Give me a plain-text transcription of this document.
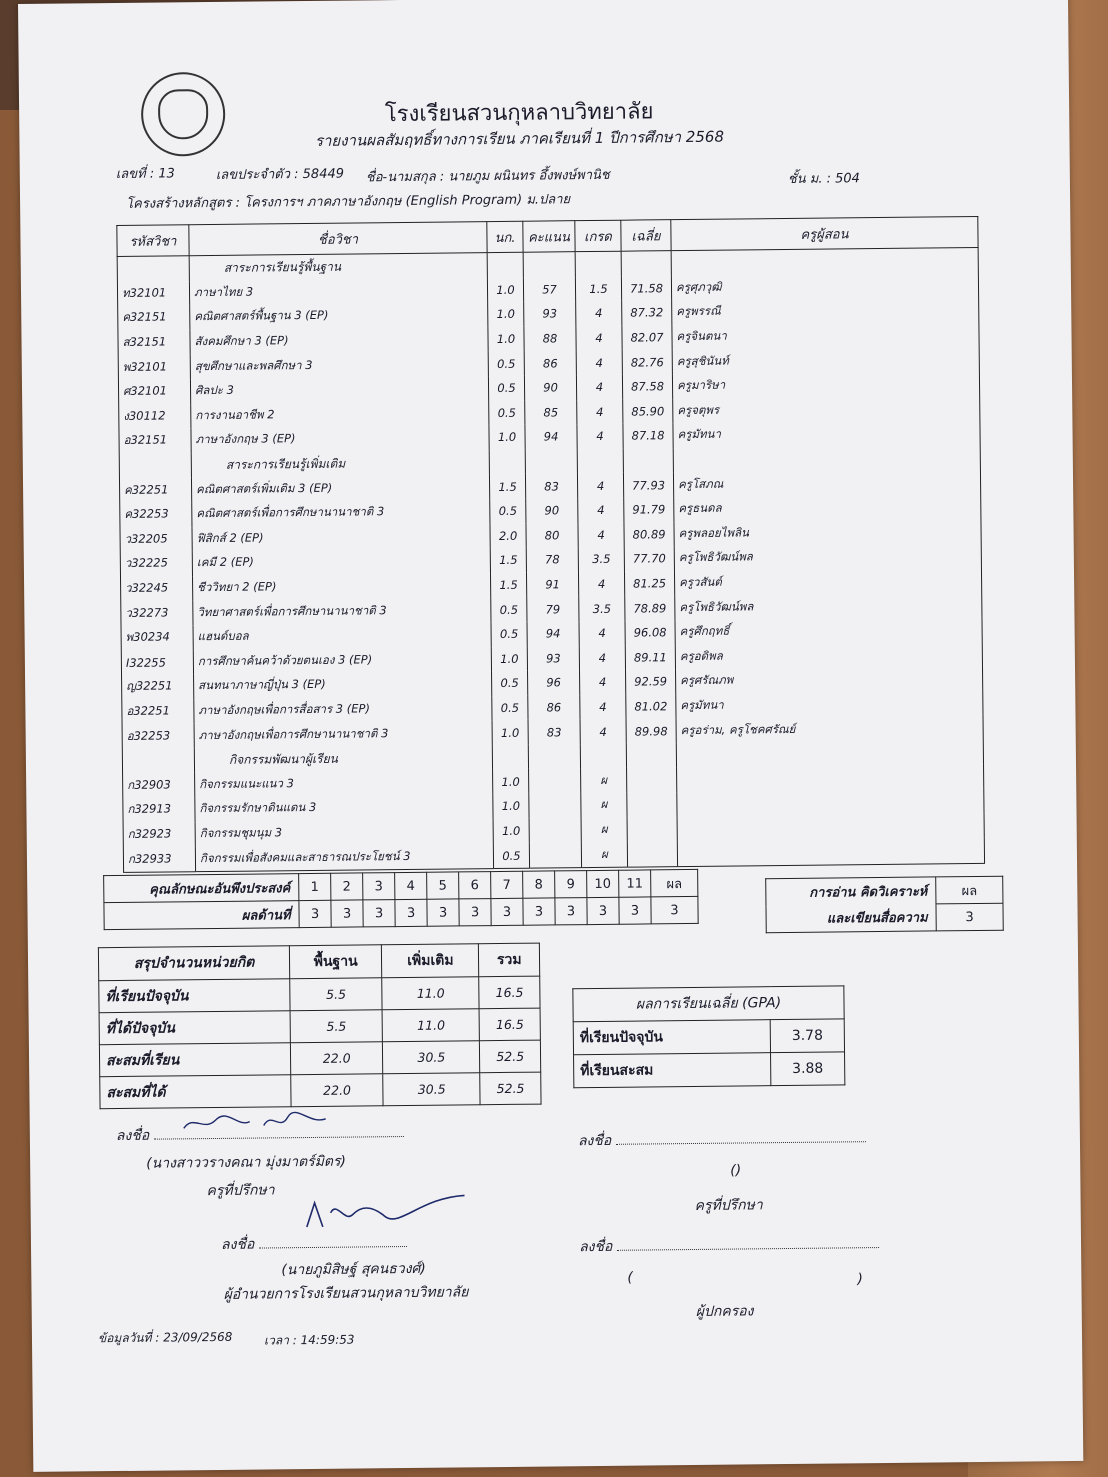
โรงเรียนสวนกุหลาบวิทยาลัย
รายงานผลสัมฤทธิ์ทางการเรียน ภาคเรียนที่ 1 ปีการศึกษา 2568
เลขที่ : 13	เลขประจำตัว : 58449 ชื่อ-นามสกุล : นายภูม ผนินทร อึ้งพงษ์พานิช	ชั้น ม. : 504
โครงสร้างหลักสูตร : โครงการฯ ภาคภาษาอังกฤษ (English Program) ม.ปลาย
รหัสวิชา	ชื่อวิชา	นก.	คะแนน	เกรด	เฉลี่ย	ครูผู้สอน
	สาระการเรียนรู้พื้นฐาน					
ท32101	ภาษาไทย 3	1.0	57	1.5	71.58	ครูศุภวุฒิ
ค32151	คณิตศาสตร์พื้นฐาน 3 (EP)	1.0	93	4	87.32	ครูพรรณี
ส32151	สังคมศึกษา 3 (EP)	1.0	88	4	82.07	ครูจินตนา
พ32101	สุขศึกษาและพลศึกษา 3	0.5	86	4	82.76	ครูสุชินันท์
ศ32101	ศิลปะ 3	0.5	90	4	87.58	ครูมาริษา
ง30112	การงานอาชีพ 2	0.5	85	4	85.90	ครูจตุพร
อ32151	ภาษาอังกฤษ 3 (EP)	1.0	94	4	87.18	ครูมัทนา
	สาระการเรียนรู้เพิ่มเติม					
ค32251	คณิตศาสตร์เพิ่มเติม 3 (EP)	1.5	83	4	77.93	ครูโสภณ
ค32253	คณิตศาสตร์เพื่อการศึกษานานาชาติ 3	0.5	90	4	91.79	ครูธนดล
ว32205	ฟิสิกส์ 2 (EP)	2.0	80	4	80.89	ครูพลอยไพลิน
ว32225	เคมี 2 (EP)	1.5	78	3.5	77.70	ครูโพธิวัฒน์พล
ว32245	ชีววิทยา 2 (EP)	1.5	91	4	81.25	ครูวสันต์
ว32273	วิทยาศาสตร์เพื่อการศึกษานานาชาติ 3	0.5	79	3.5	78.89	ครูโพธิวัฒน์พล
พ30234	แฮนด์บอล	0.5	94	4	96.08	ครูศึกฤทธิ์
I32255	การศึกษาค้นคว้าด้วยตนเอง 3 (EP)	1.0	93	4	89.11	ครูอดิพล
ญ32251	สนทนาภาษาญี่ปุ่น 3 (EP)	0.5	96	4	92.59	ครูศรัณภพ
อ32251	ภาษาอังกฤษเพื่อการสื่อสาร 3 (EP)	0.5	86	4	81.02	ครูมัทนา
อ32253	ภาษาอังกฤษเพื่อการศึกษานานาชาติ 3	1.0	83	4	89.98	ครูอร่าม, ครูโชคศรัณย์
	กิจกรรมพัฒนาผู้เรียน					
ก32903	กิจกรรมแนะแนว 3	1.0		ผ		
ก32913	กิจกรรมรักษาดินแดน 3	1.0		ผ		
ก32923	กิจกรรมชุมนุม 3	1.0		ผ		
ก32933	กิจกรรมเพื่อสังคมและสาธารณประโยชน์ 3	0.5		ผ		
คุณลักษณะอันพึงประสงค์	1	2	3	4	5	6	7	8	9	10	11	ผล
ผลด้านที่	3	3	3	3	3	3	3	3	3	3	3	3
การอ่าน คิดวิเคราะห์	ผล
และเขียนสื่อความ	3
สรุปจำนวนหน่วยกิต	พื้นฐาน	เพิ่มเติม	รวม
ที่เรียนปัจจุบัน	5.5	11.0	16.5
ที่ได้ปัจจุบัน	5.5	11.0	16.5
สะสมที่เรียน	22.0	30.5	52.5
สะสมที่ได้	22.0	30.5	52.5
ผลการเรียนเฉลี่ย (GPA)	
ที่เรียนปัจจุบัน	3.78
ที่เรียนสะสม	3.88
ลงชื่อ
(นางสาววรางคณา มุ่งมาตร์มิตร)
ครูที่ปรึกษา
ลงชื่อ
(นายภูมิสิษฐ์ สุคนธวงศ์)
ผู้อำนวยการโรงเรียนสวนกุหลาบวิทยาลัย
ลงชื่อ
()
ครูที่ปรึกษา
ลงชื่อ
(	)
ผู้ปกครอง
ข้อมูลวันที่ : 23/09/2568	เวลา : 14:59:53
